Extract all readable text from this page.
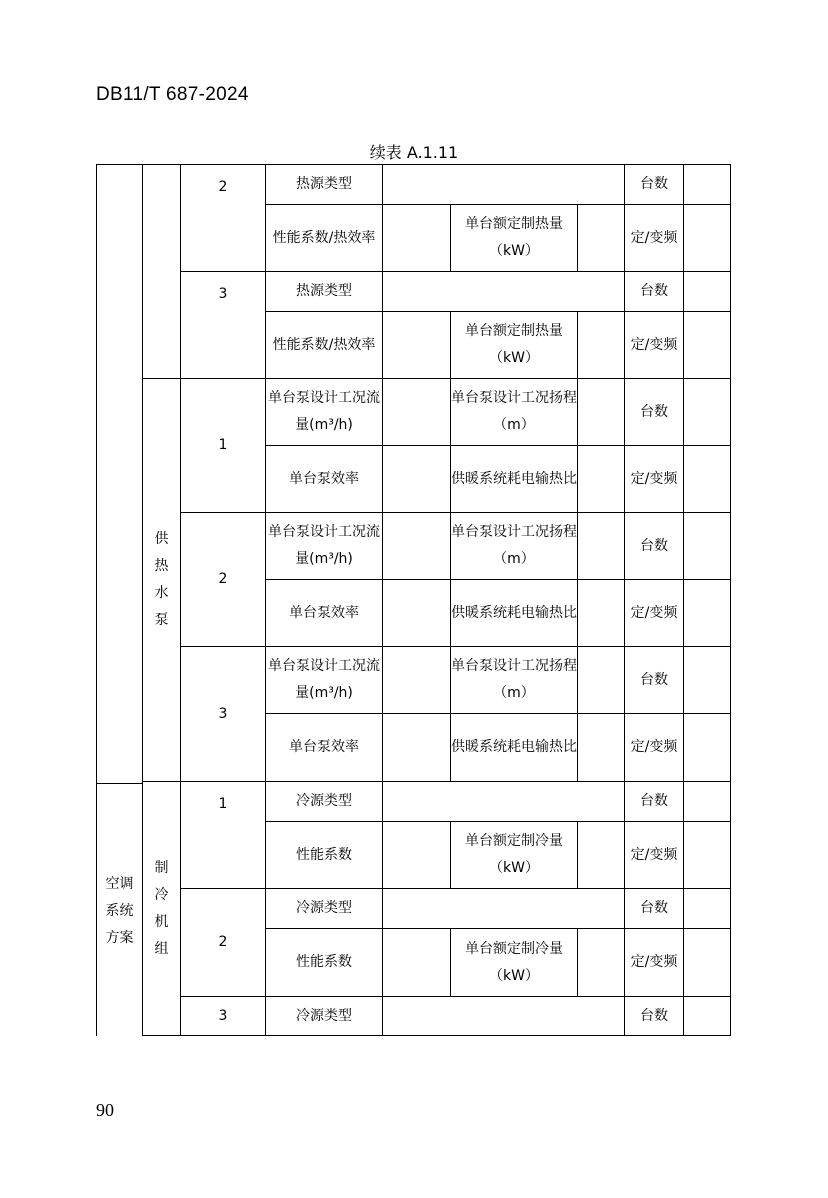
DB11/T 687-2024
续表 A.1.11

		2	热源类型				台数	
			性能系数/热效率		单台额定制热量（kW）		定/变频	

		3	热源类型				台数	
			性能系数/热效率		单台额定制热量（kW）		定/变频	
	供热水泵	1	单台泵设计工况流量(m³/h)		单台泵设计工况扬程（m）		台数	
			单台泵效率		供暖系统耗电输热比		定/变频	
		2	单台泵设计工况流量(m³/h)		单台泵设计工况扬程（m）		台数	
			单台泵效率		供暖系统耗电输热比		定/变频	
		3	单台泵设计工况流量(m³/h)		单台泵设计工况扬程（m）		台数	
			单台泵效率		供暖系统耗电输热比		定/变频	
	制冷机组	1	冷源类型				台数	
			性能系数		单台额定制冷量（kW）		定/变频	
		2	冷源类型				台数	
			性能系数		单台额定制冷量（kW）		定/变频	
		3	冷源类型				台数	
空调系统方案
90
